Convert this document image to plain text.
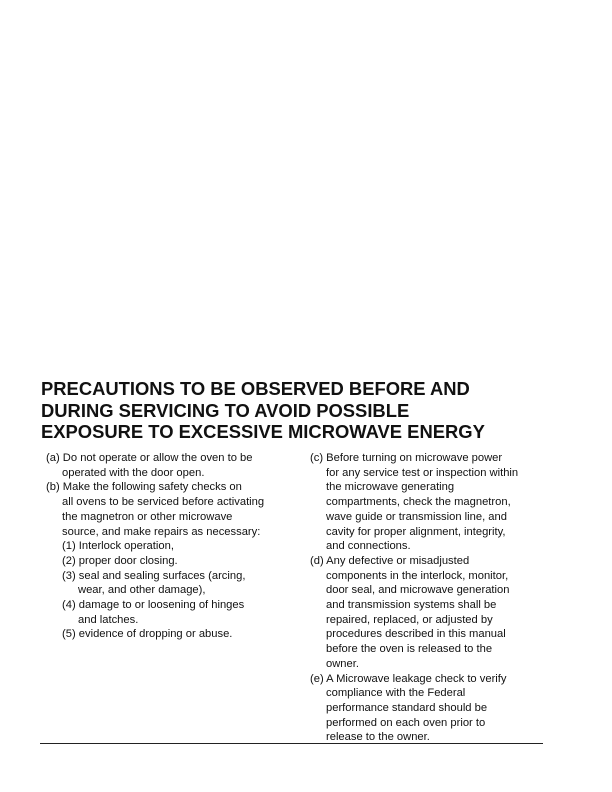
PRECAUTIONS TO BE OBSERVED BEFORE AND
DURING SERVICING TO AVOID POSSIBLE
EXPOSURE TO EXCESSIVE MICROWAVE ENERGY
(a) Do not operate or allow the oven to be
operated with the door open.
(b) Make the following safety checks on
all ovens to be serviced before activating
the magnetron or other microwave
source, and make repairs as necessary:
(1) Interlock operation,
(2) proper door closing.
(3) seal and sealing surfaces (arcing,
wear, and other damage),
(4) damage to or loosening of hinges
and latches.
(5) evidence of dropping or abuse.
(c) Before turning on microwave power
for any service test or inspection within
the microwave generating
compartments, check the magnetron,
wave guide or transmission line, and
cavity for proper alignment, integrity,
and connections.
(d) Any defective or misadjusted
components in the interlock, monitor,
door seal, and microwave generation
and transmission systems shall be
repaired, replaced, or adjusted by
procedures described in this manual
before the oven is released to the
owner.
(e) A Microwave leakage check to verify
compliance with the Federal
performance standard should be
performed on each oven prior to
release to the owner.
